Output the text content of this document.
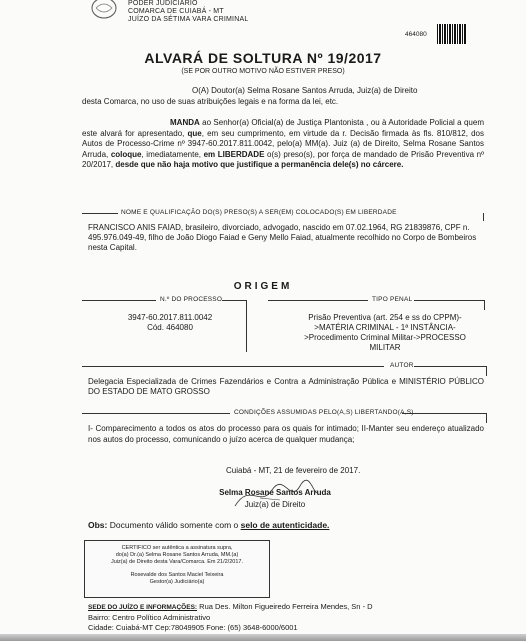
PODER JUDICIÁRIO
COMARCA DE CUIABÁ - MT
JUÍZO DA SÉTIMA VARA CRIMINAL
464080
ALVARÁ DE SOLTURA Nº 19/2017
(SE POR OUTRO MOTIVO NÃO ESTIVER PRESO)
O(A) Doutor(a) Selma Rosane Santos Arruda, Juiz(a) de Direito
desta Comarca, no uso de suas atribuições legais e na forma da lei, etc.
MANDA ao Senhor(a) Oficial(a) de Justiça Plantonista , ou à Autoridade Policial a quem este alvará for apresentado, que, em seu cumprimento, em virtude da r. Decisão firmada às fls. 810/812, dos Autos de Processo-Crime nº 3947-60.2017.811.0042, pelo(a) MM(a). Juiz (a) de Direito, Selma Rosane Santos Arruda, coloque, imediatamente, em LIBERDADE o(s) preso(s), por força de mandado de Prisão Preventiva nº 20/2017, desde que não haja motivo que justifique a permanência dele(s) no cárcere.
NOME E QUALIFICAÇÃO DO(S) PRESO(S) A SER(EM) COLOCADO(S) EM LIBERDADE
FRANCISCO ANIS FAIAD, brasileiro, divorciado, advogado, nascido em 07.02.1964, RG 21839876, CPF n. 495.976.049-49, filho de João Diogo Faiad e Geny Mello Faiad, atualmente recolhido no Corpo de Bombeiros nesta Capital.
ORIGEM
N.º DO PROCESSO	TIPO PENAL
3947-60.2017.811.0042
Cód. 464080
Prisão Preventiva (art. 254 e ss do CPPM)->MATÉRIA CRIMINAL - 1ª INSTÂNCIA->Procedimento Criminal Militar->PROCESSO MILITAR
AUTOR
Delegacia Especializada de Crimes Fazendários e Contra a Administração Pública e MINISTÉRIO PÚBLICO DO ESTADO DE MATO GROSSO
CONDIÇÕES ASSUMIDAS PELO(A,S) LIBERTANDO(A,S)
I- Comparecimento a todos os atos do processo para os quais for intimado; II-Manter seu endereço atualizado nos autos do processo, comunicando o juízo acerca de qualquer mudança;
Cuiabá - MT, 21 de fevereiro de 2017.
Selma Rosane Santos Arruda
Juiz(a) de Direito
Obs: Documento válido somente com o selo de autenticidade.
CERTIFICO ser autêntica a assinatura supra,
do(a) Dr.(a) Selma Rosane Santos Arruda, MM.(a)
Juiz(a) de Direito desta Vara/Comarca. Em 21/2/2017.
Rosevalde dos Santos Maciel Teixeira
Gestor(a) Judiciário(a)
SEDE DO JUÍZO E INFORMAÇÕES: Rua Des. Milton Figueiredo Ferreira Mendes, Sn - D
Bairro: Centro Político Administrativo
Cidade: Cuiabá-MT Cep:78049905 Fone: (65) 3648-6000/6001
